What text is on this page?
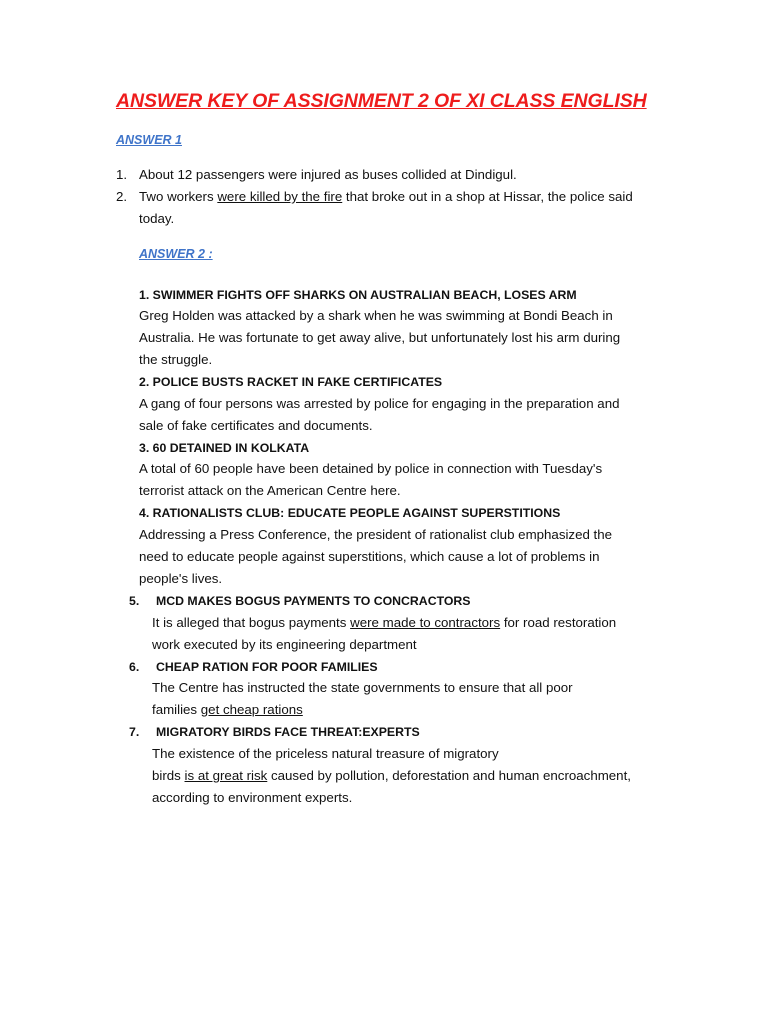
ANSWER KEY OF ASSIGNMENT 2 OF XI CLASS ENGLISH
ANSWER 1
1. About 12 passengers were injured as buses collided at Dindigul.

2. Two workers were killed by the fire that broke out in a shop at Hissar, the police said

today.

ANSWER 2 :

1. SWIMMER FIGHTS OFF SHARKS ON AUSTRALIAN BEACH, LOSES ARM

Greg Holden was attacked by a shark when he was swimming at Bondi Beach in

Australia. He was fortunate to get away alive, but unfortunately lost his arm during

the struggle.

2. POLICE BUSTS RACKET IN FAKE CERTIFICATES

A gang of four persons was arrested by police for engaging in the preparation and

sale of fake certificates and documents.

3. 60 DETAINED IN KOLKATA

A total of 60 people have been detained by police in connection with Tuesday's

terrorist attack on the American Centre here.

4. RATIONALISTS CLUB: EDUCATE PEOPLE AGAINST SUPERSTITIONS

Addressing a Press Conference, the president of rationalist club emphasized the

need to educate people against superstitions, which cause a lot of problems in

people's lives.

5. MCD MAKES BOGUS PAYMENTS TO CONCRACTORS

It is alleged that bogus payments were made to contractors for road restoration

work executed by its engineering department

6. CHEAP RATION FOR POOR FAMILIES

The Centre has instructed the state governments to ensure that all poor

families get cheap rations

7. MIGRATORY BIRDS FACE THREAT:EXPERTS

The existence of the priceless natural treasure of migratory

birds is at great risk caused by pollution, deforestation and human encroachment,

according to environment experts.
